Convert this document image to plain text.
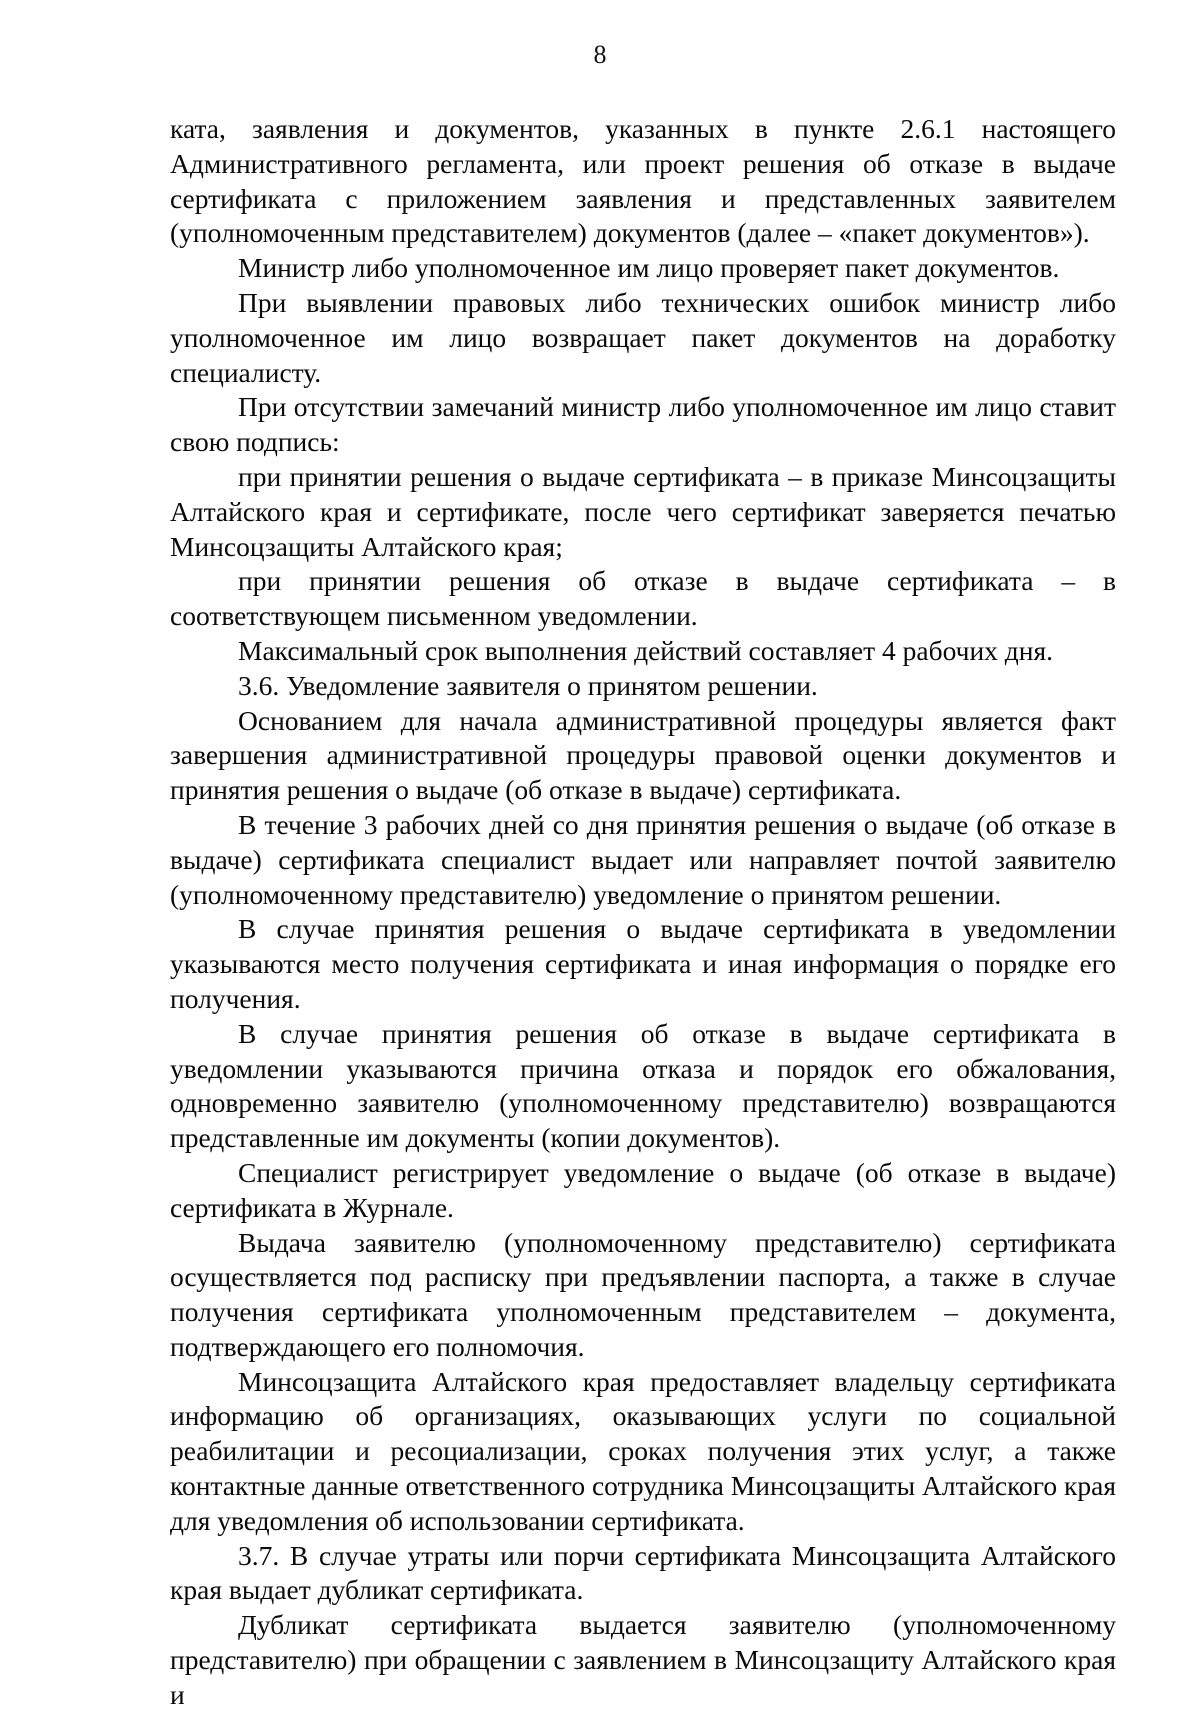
8

ката, заявления и документов, указанных в пункте 2.6.1 настоящего Административного регламента, или проект решения об отказе в выдаче сертификата с приложением заявления и представленных заявителем (уполномоченным представителем) документов (далее – «пакет документов»).

Министр либо уполномоченное им лицо проверяет пакет документов.

При выявлении правовых либо технических ошибок министр либо уполномоченное им лицо возвращает пакет документов на доработку специалисту.

При отсутствии замечаний министр либо уполномоченное им лицо ставит свою подпись:

при принятии решения о выдаче сертификата – в приказе Минсоцзащиты Алтайского края и сертификате, после чего сертификат заверяется печатью Минсоцзащиты Алтайского края;

при принятии решения об отказе в выдаче сертификата – в соответствующем письменном уведомлении.

Максимальный срок выполнения действий составляет 4 рабочих дня.

3.6. Уведомление заявителя о принятом решении.

Основанием для начала административной процедуры является факт завершения административной процедуры правовой оценки документов и принятия решения о выдаче (об отказе в выдаче) сертификата.

В течение 3 рабочих дней со дня принятия решения о выдаче (об отказе в выдаче) сертификата специалист выдает или направляет почтой заявителю (уполномоченному представителю) уведомление о принятом решении.

В случае принятия решения о выдаче сертификата в уведомлении указываются место получения сертификата и иная информация о порядке его получения.

В случае принятия решения об отказе в выдаче сертификата в уведомлении указываются причина отказа и порядок его обжалования, одновременно заявителю (уполномоченному представителю) возвращаются представленные им документы (копии документов).

Специалист регистрирует уведомление о выдаче (об отказе в выдаче) сертификата в Журнале.

Выдача заявителю (уполномоченному представителю) сертификата осуществляется под расписку при предъявлении паспорта, а также в случае получения сертификата уполномоченным представителем – документа, подтверждающего его полномочия.

Минсоцзащита Алтайского края предоставляет владельцу сертификата информацию об организациях, оказывающих услуги по социальной реабилитации и ресоциализации, сроках получения этих услуг, а также контактные данные ответственного сотрудника Минсоцзащиты Алтайского края для уведомления об использовании сертификата.

3.7. В случае утраты или порчи сертификата Минсоцзащита Алтайского края выдает дубликат сертификата.

Дубликат сертификата выдается заявителю (уполномоченному представителю) при обращении с заявлением в Минсоцзащиту Алтайского края и
